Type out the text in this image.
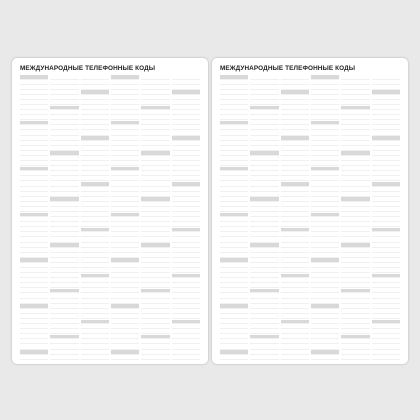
МЕЖДУНАРОДНЫЕ ТЕЛЕФОННЫЕ КОДЫ	МЕЖДУНАРОДНЫЕ ТЕЛЕФОННЫЕ КОДЫ
